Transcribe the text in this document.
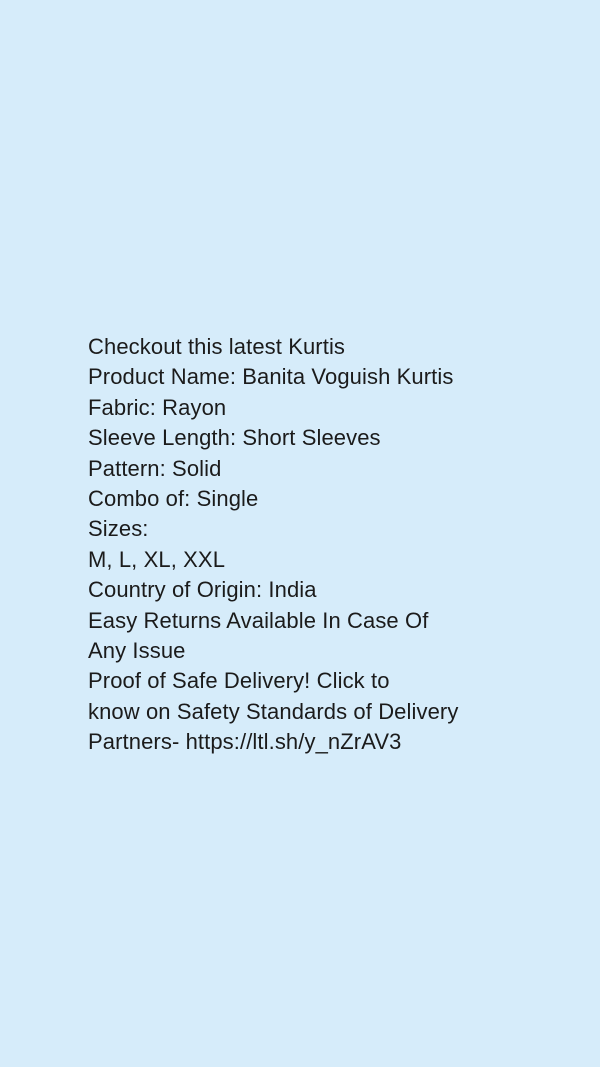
Checkout this latest Kurtis
Product Name: Banita Voguish Kurtis
Fabric: Rayon
Sleeve Length: Short Sleeves
Pattern: Solid
Combo of: Single
Sizes:
M, L, XL, XXL
Country of Origin: India
Easy Returns Available In Case Of
Any Issue
Proof of Safe Delivery! Click to
know on Safety Standards of Delivery
Partners- https://ltl.sh/y_nZrAV3
